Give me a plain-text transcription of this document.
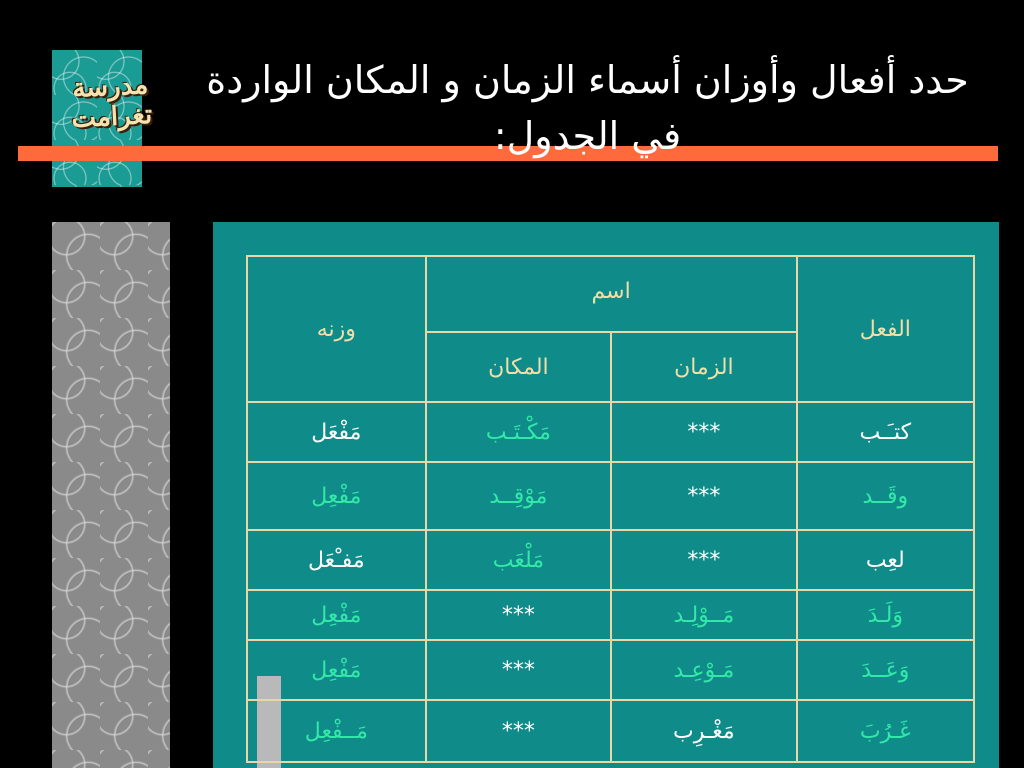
مدرسة تغرامت
حدد أفعال وأوزان أسماء الزمان و المكان الواردة في الجدول:
الفعل	اسم		وزنه
	الزمان	المكان	
كتـَـب	***	مَكْـتَـب	مَفْعَل
وقَــد	***	مَوْقِــد	مَفْعِل
لعِب	***	مَلْعَب	مَفـْعَل
وَلَـدَ	مَــوْلِـد	***	مَفْعِل
وَعَــدَ	مَـوْعِـد	***	مَفْعِل
غَـرُبَ	مَغْـرِب	***	مَــفْعِل
